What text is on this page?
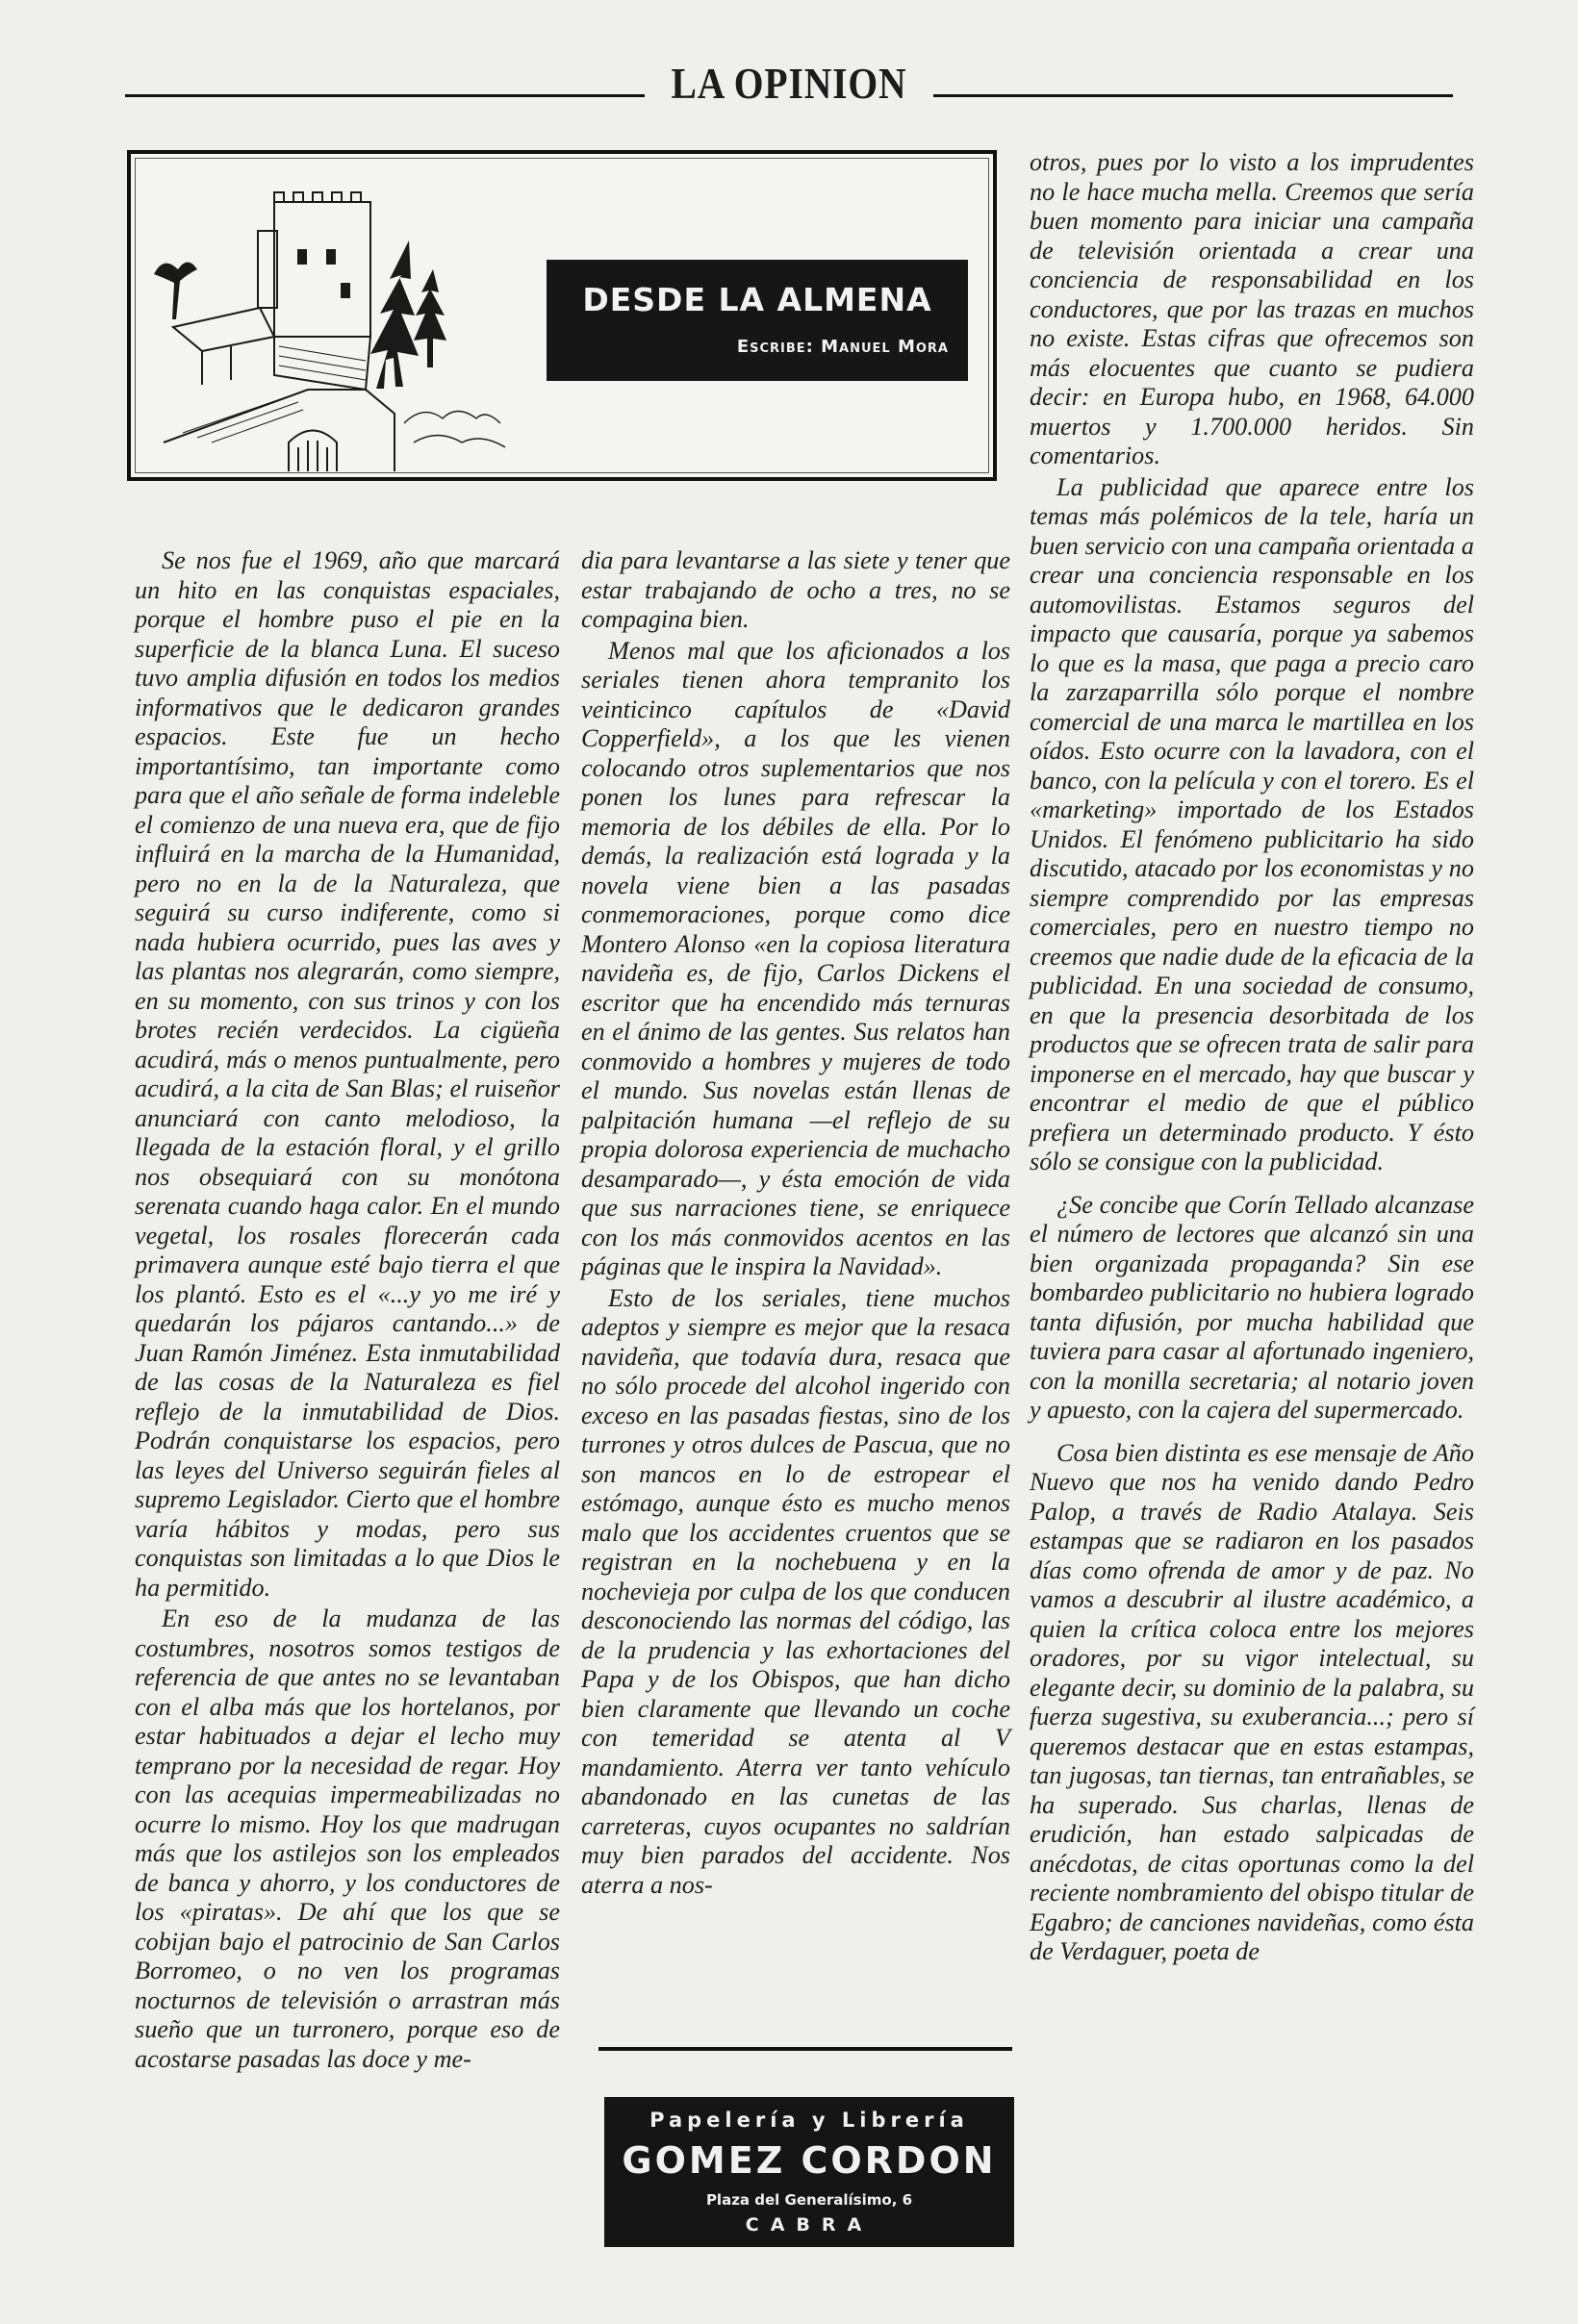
LA OPINION
DESDE LA ALMENA
Escribe: Manuel Mora

Se nos fue el 1969, año que marcará un hito en las conquistas espaciales, porque el hombre puso el pie en la superficie de la blanca Luna. El suceso tuvo amplia difusión en todos los medios informativos que le dedicaron grandes espacios. Este fue un hecho importantísimo, tan importante como para que el año señale de forma indeleble el comienzo de una nueva era, que de fijo influirá en la marcha de la Humanidad, pero no en la de la Naturaleza, que seguirá su curso indiferente, como si nada hubiera ocurrido, pues las aves y las plantas nos alegrarán, como siempre, en su momento, con sus trinos y con los brotes recién verdecidos. La cigüeña acudirá, más o menos puntualmente, pero acudirá, a la cita de San Blas; el ruiseñor anunciará con canto melodioso, la llegada de la estación floral, y el grillo nos obsequiará con su monótona serenata cuando haga calor. En el mundo vegetal, los rosales florecerán cada primavera aunque esté bajo tierra el que los plantó. Esto es el «...y yo me iré y quedarán los pájaros cantando...» de Juan Ramón Jiménez. Esta inmutabilidad de las cosas de la Naturaleza es fiel reflejo de la inmutabilidad de Dios. Podrán conquistarse los espacios, pero las leyes del Universo seguirán fieles al supremo Legislador. Cierto que el hombre varía hábitos y modas, pero sus conquistas son limitadas a lo que Dios le ha permitido.

En eso de la mudanza de las costumbres, nosotros somos testigos de referencia de que antes no se levantaban con el alba más que los hortelanos, por estar habituados a dejar el lecho muy temprano por la necesidad de regar. Hoy con las acequias impermeabilizadas no ocurre lo mismo. Hoy los que madrugan más que los astilejos son los empleados de banca y ahorro, y los conductores de los «piratas». De ahí que los que se cobijan bajo el patrocinio de San Carlos Borromeo, o no ven los programas nocturnos de televisión o arrastran más sueño que un turronero, porque eso de acostarse pasadas las doce y me-

dia para levantarse a las siete y tener que estar trabajando de ocho a tres, no se compagina bien.

Menos mal que los aficionados a los seriales tienen ahora tempranito los veinticinco capítulos de «David Copperfield», a los que les vienen colocando otros suplementarios que nos ponen los lunes para refrescar la memoria de los débiles de ella. Por lo demás, la realización está lograda y la novela viene bien a las pasadas conmemoraciones, porque como dice Montero Alonso «en la copiosa literatura navideña es, de fijo, Carlos Dickens el escritor que ha encendido más ternuras en el ánimo de las gentes. Sus relatos han conmovido a hombres y mujeres de todo el mundo. Sus novelas están llenas de palpitación humana —el reflejo de su propia dolorosa experiencia de muchacho desamparado—, y ésta emoción de vida que sus narraciones tiene, se enriquece con los más conmovidos acentos en las páginas que le inspira la Navidad».

Esto de los seriales, tiene muchos adeptos y siempre es mejor que la resaca navideña, que todavía dura, resaca que no sólo procede del alcohol ingerido con exceso en las pasadas fiestas, sino de los turrones y otros dulces de Pascua, que no son mancos en lo de estropear el estómago, aunque ésto es mucho menos malo que los accidentes cruentos que se registran en la nochebuena y en la nochevieja por culpa de los que conducen desconociendo las normas del código, las de la prudencia y las exhortaciones del Papa y de los Obispos, que han dicho bien claramente que llevando un coche con temeridad se atenta al V mandamiento. Aterra ver tanto vehículo abandonado en las cunetas de las carreteras, cuyos ocupantes no saldrían muy bien parados del accidente. Nos aterra a nos-

otros, pues por lo visto a los imprudentes no le hace mucha mella. Creemos que sería buen momento para iniciar una campaña de televisión orientada a crear una conciencia de responsabilidad en los conductores, que por las trazas en muchos no existe. Estas cifras que ofrecemos son más elocuentes que cuanto se pudiera decir: en Europa hubo, en 1968, 64.000 muertos y 1.700.000 heridos. Sin comentarios.

La publicidad que aparece entre los temas más polémicos de la tele, haría un buen servicio con una campaña orientada a crear una conciencia responsable en los automovilistas. Estamos seguros del impacto que causaría, porque ya sabemos lo que es la masa, que paga a precio caro la zarzaparrilla sólo porque el nombre comercial de una marca le martillea en los oídos. Esto ocurre con la lavadora, con el banco, con la película y con el torero. Es el «marketing» importado de los Estados Unidos. El fenómeno publicitario ha sido discutido, atacado por los economistas y no siempre comprendido por las empresas comerciales, pero en nuestro tiempo no creemos que nadie dude de la eficacia de la publicidad. En una sociedad de consumo, en que la presencia desorbitada de los productos que se ofrecen trata de salir para imponerse en el mercado, hay que buscar y encontrar el medio de que el público prefiera un determinado producto. Y ésto sólo se consigue con la publicidad.

¿Se concibe que Corín Tellado alcanzase el número de lectores que alcanzó sin una bien organizada propaganda? Sin ese bombardeo publicitario no hubiera logrado tanta difusión, por mucha habilidad que tuviera para casar al afortunado ingeniero, con la monilla secretaria; al notario joven y apuesto, con la cajera del supermercado.

Cosa bien distinta es ese mensaje de Año Nuevo que nos ha venido dando Pedro Palop, a través de Radio Atalaya. Seis estampas que se radiaron en los pasados días como ofrenda de amor y de paz. No vamos a descubrir al ilustre académico, a quien la crítica coloca entre los mejores oradores, por su vigor intelectual, su elegante decir, su dominio de la palabra, su fuerza sugestiva, su exuberancia...; pero sí queremos destacar que en estas estampas, tan jugosas, tan tiernas, tan entrañables, se ha superado. Sus charlas, llenas de erudición, han estado salpicadas de anécdotas, de citas oportunas como la del reciente nombramiento del obispo titular de Egabro; de canciones navideñas, como ésta de Verdaguer, poeta de

Papelería y Librería
GOMEZ CORDON
Plaza del Generalísimo, 6
CABRA
